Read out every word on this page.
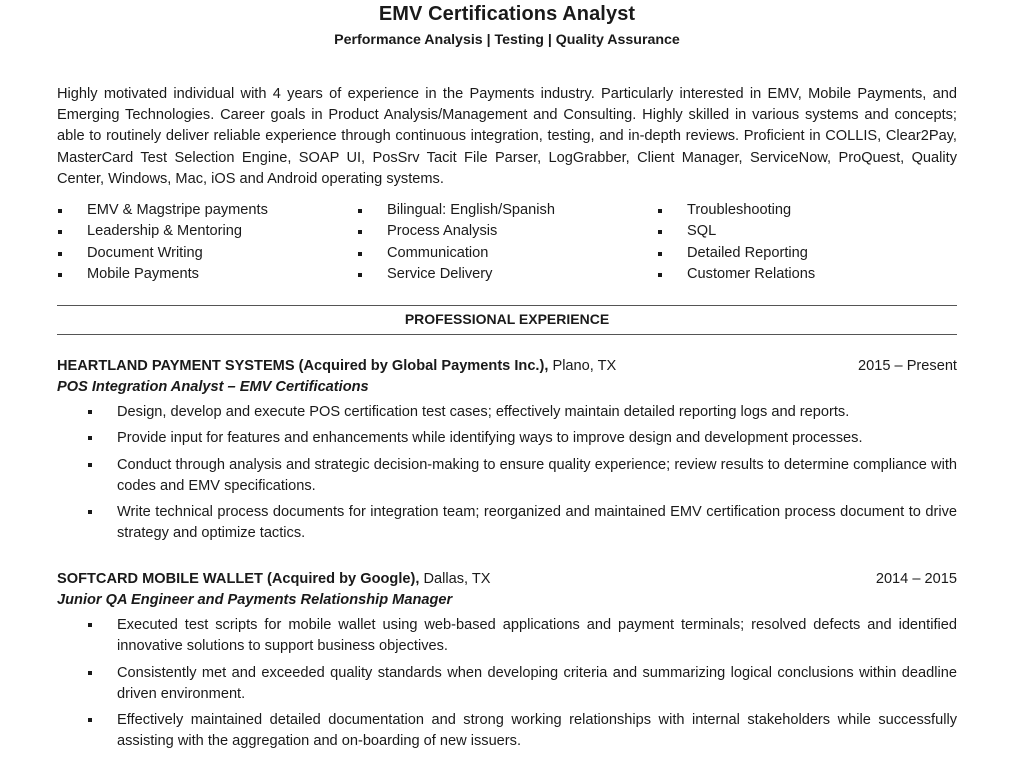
EMV Certifications Analyst
Performance Analysis | Testing | Quality Assurance

Highly motivated individual with 4 years of experience in the Payments industry. Particularly interested in EMV, Mobile Payments, and Emerging Technologies. Career goals in Product Analysis/Management and Consulting. Highly skilled in various systems and concepts; able to routinely deliver reliable experience through continuous integration, testing, and in-depth reviews. Proficient in COLLIS, Clear2Pay, MasterCard Test Selection Engine, SOAP UI, PosSrv Tacit File Parser, LogGrabber, Client Manager, ServiceNow, ProQuest, Quality Center, Windows, Mac, iOS and Android operating systems.

EMV & Magstripe payments
Leadership & Mentoring
Document Writing
Mobile Payments
Bilingual: English/Spanish
Process Analysis
Communication
Service Delivery
Troubleshooting
SQL
Detailed Reporting
Customer Relations
PROFESSIONAL EXPERIENCE
HEARTLAND PAYMENT SYSTEMS (Acquired by Global Payments Inc.), Plano, TX	2015 – Present
POS Integration Analyst – EMV Certifications
Design, develop and execute POS certification test cases; effectively maintain detailed reporting logs and reports.
Provide input for features and enhancements while identifying ways to improve design and development processes.
Conduct through analysis and strategic decision-making to ensure quality experience; review results to determine compliance with codes and EMV specifications.
Write technical process documents for integration team; reorganized and maintained EMV certification process document to drive strategy and optimize tactics.
SOFTCARD MOBILE WALLET (Acquired by Google), Dallas, TX	2014 – 2015
Junior QA Engineer and Payments Relationship Manager
Executed test scripts for mobile wallet using web-based applications and payment terminals; resolved defects and identified innovative solutions to support business objectives.
Consistently met and exceeded quality standards when developing criteria and summarizing logical conclusions within deadline driven environment.
Effectively maintained detailed documentation and strong working relationships with internal stakeholders while successfully assisting with the aggregation and on-boarding of new issuers.
